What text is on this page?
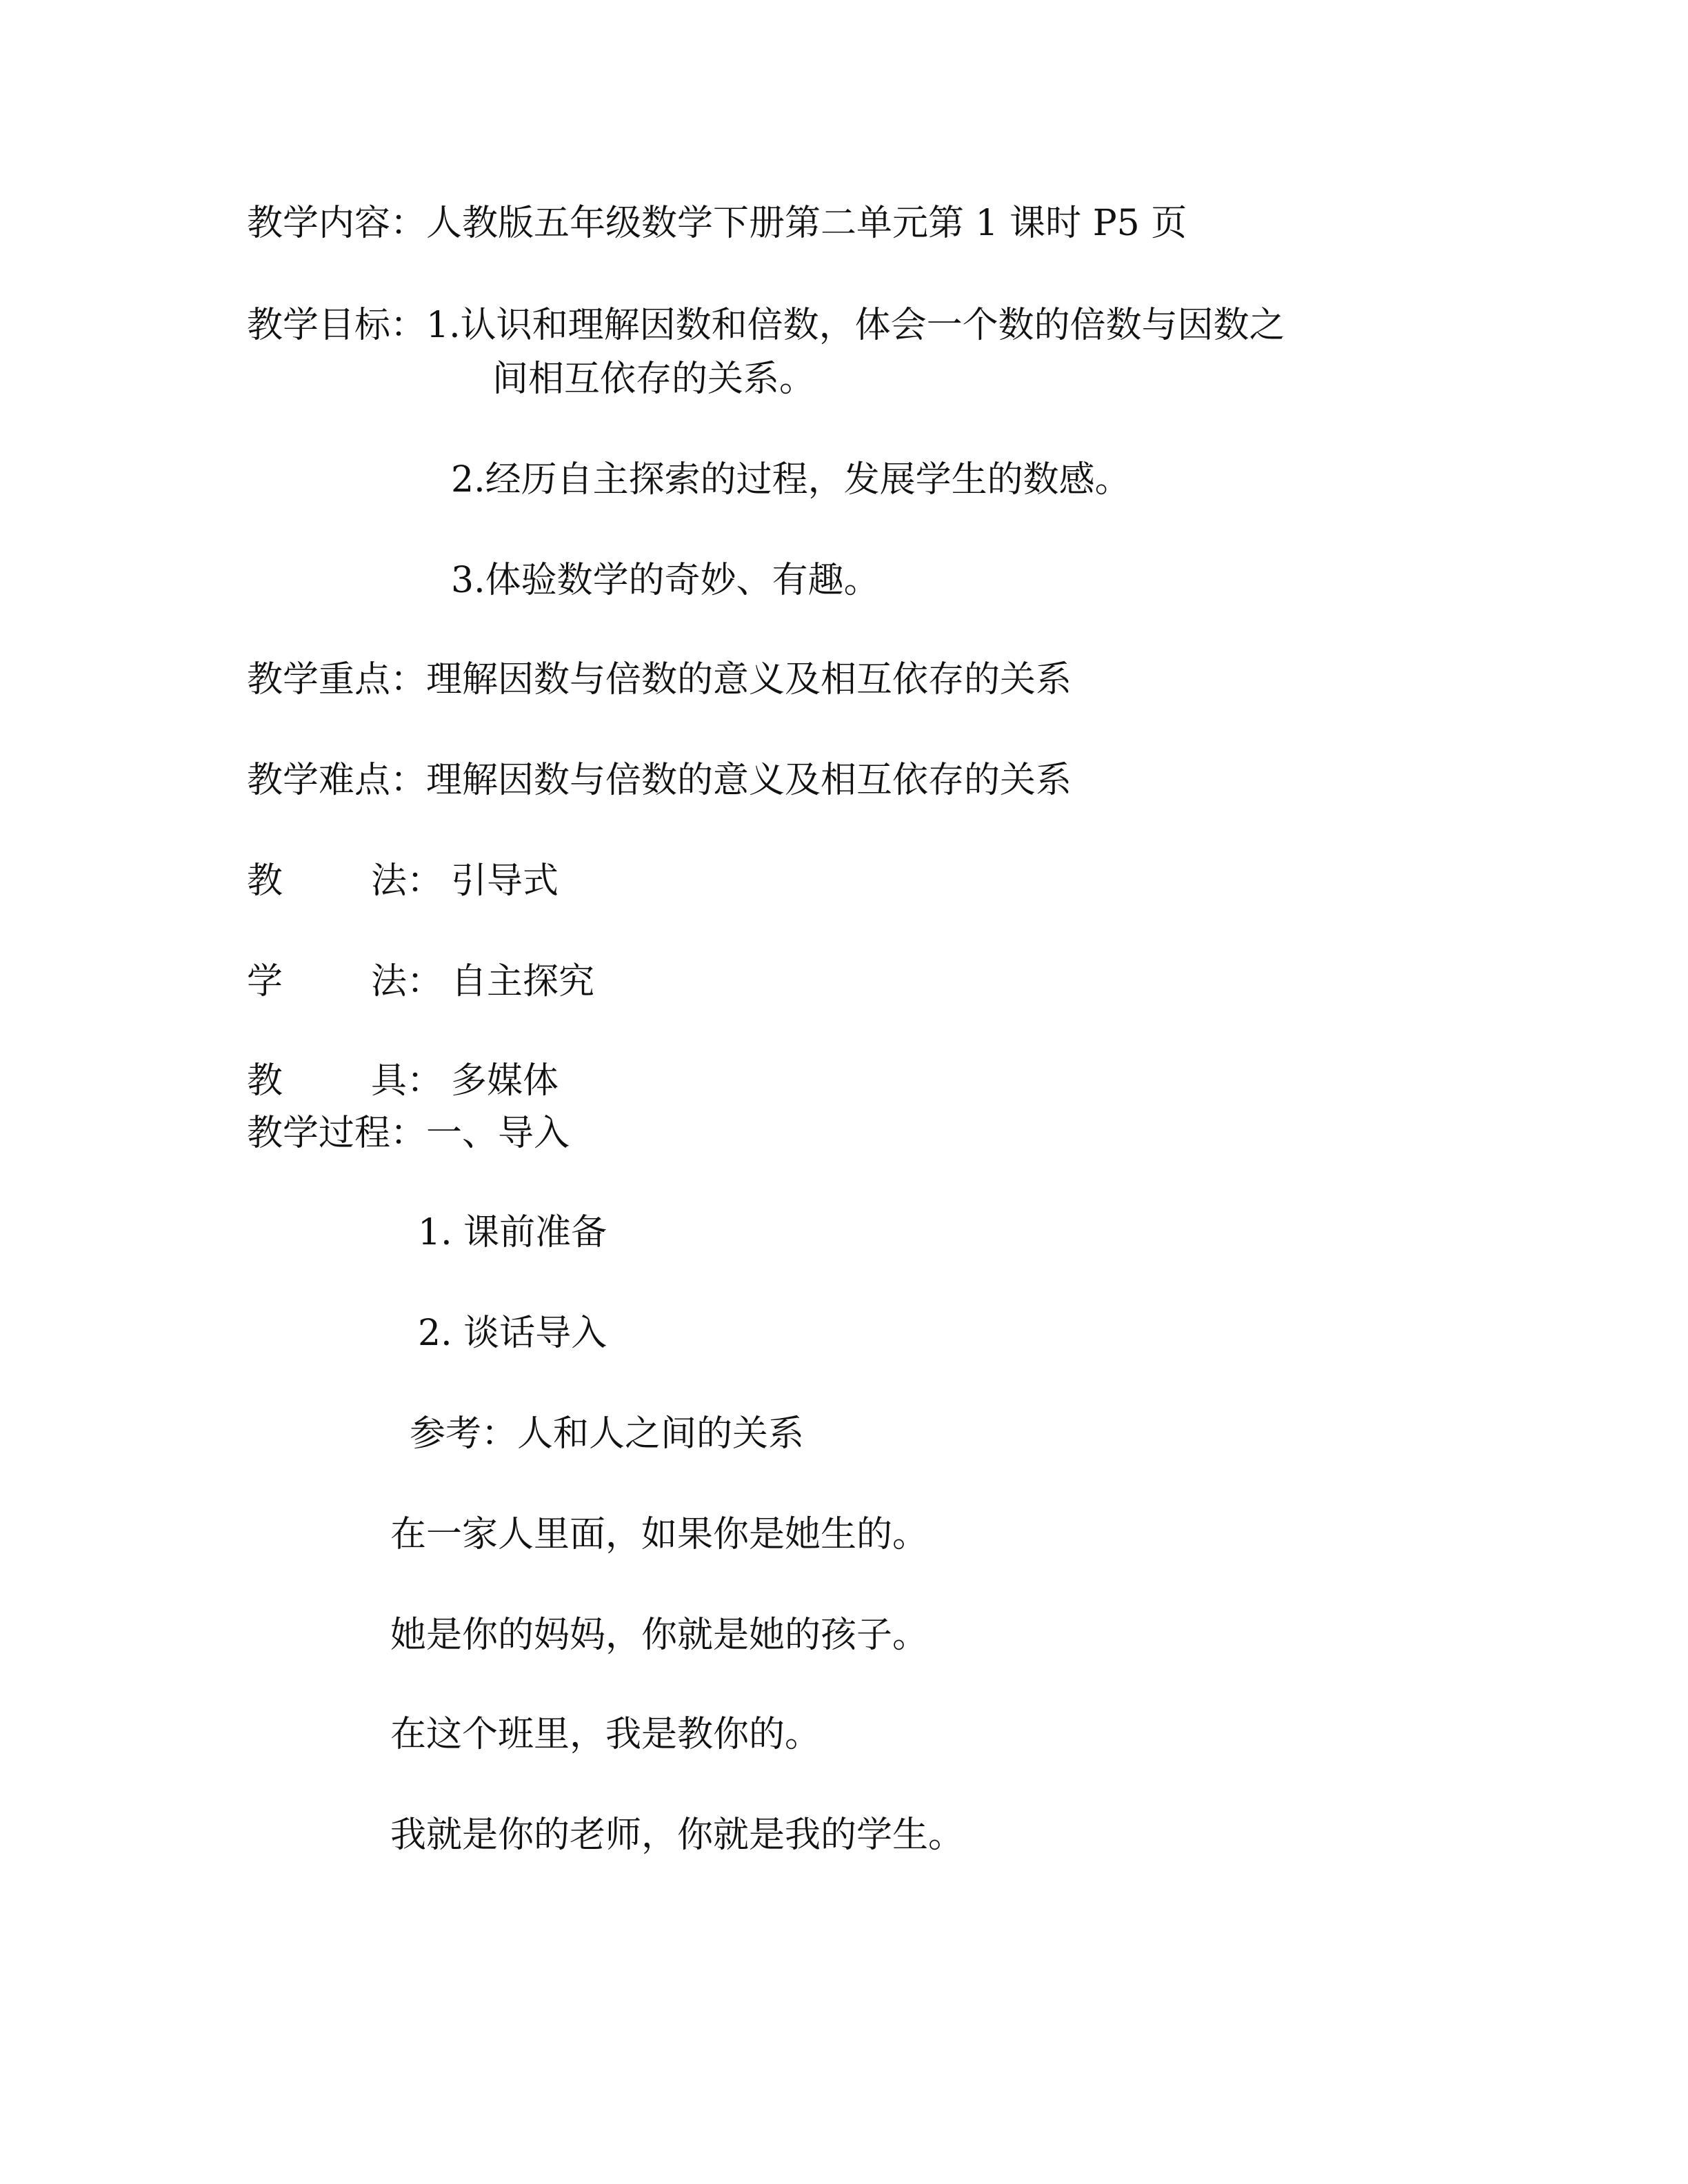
教学内容：人教版五年级数学下册第二单元第 1 课时 P5 页
教学目标：1.认识和理解因数和倍数，体会一个数的倍数与因数之
间相互依存的关系。
2.经历自主探索的过程，发展学生的数感。
3.体验数学的奇妙、有趣。
教学重点：理解因数与倍数的意义及相互依存的关系
教学难点：理解因数与倍数的意义及相互依存的关系
教 法： 引导式
学 法： 自主探究
教 具： 多媒体
教学过程：一、导入
1. 课前准备
2. 谈话导入
参考：人和人之间的关系
在一家人里面，如果你是她生的。
她是你的妈妈，你就是她的孩子。
在这个班里，我是教你的。
我就是你的老师，你就是我的学生。
